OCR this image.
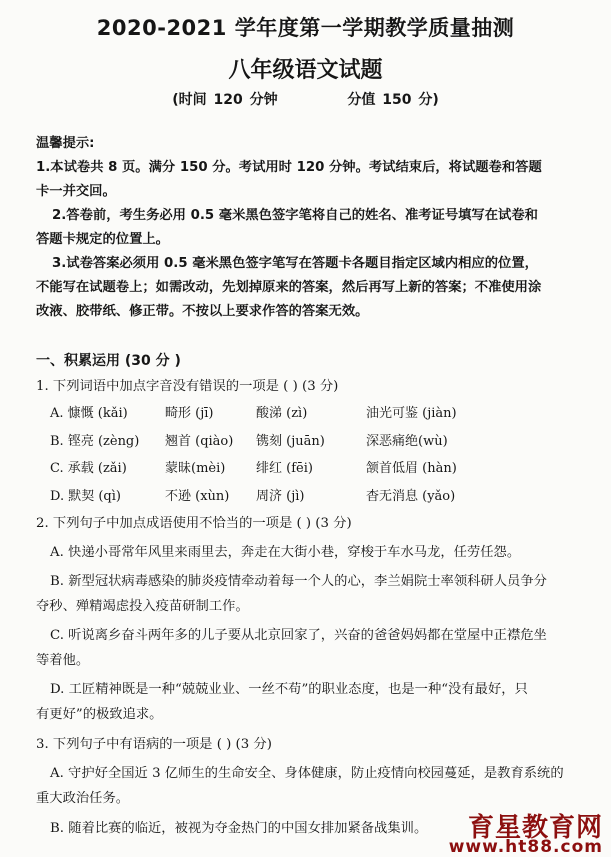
2020-2021 学年度第一学期教学质量抽测
八年级语文试题
(时间 120 分钟	分值 150 分)
温馨提示:
1.本试卷共 8 页。满分 150 分。考试用时 120 分钟。考试结束后，将试题卷和答题
卡一并交回。
2.答卷前，考生务必用 0.5 毫米黑色签字笔将自己的姓名、准考证号填写在试卷和
答题卡规定的位置上。
3.试卷答案必须用 0.5 毫米黑色签字笔写在答题卡各题目指定区域内相应的位置，
不能写在试题卷上；如需改动，先划掉原来的答案，然后再写上新的答案；不准使用涂
改液、胶带纸、修正带。不按以上要求作答的答案无效。
一、积累运用 (30 分 )
1. 下列词语中加点字音没有错误的一项是 ( ) (3 分)
A. 慷慨 (kǎi)	畸形 (jī)	酸涕 (zì)	油光可鉴 (jiàn)
B. 铿亮 (zèng) 翘首 (qiào) 镌刻 (juān)	深恶痛绝(wù)
C. 承载 (zǎi)	蒙昧(mèi) 绯红 (fēi)	颔首低眉 (hàn)
D. 默契 (qì)	不逊 (xùn) 周济 (jì)	杳无消息 (yǎo)
2. 下列句子中加点成语使用不恰当的一项是 ( ) (3 分)
A. 快递小哥常年风里来雨里去，奔走在大街小巷，穿梭于车水马龙，任劳任怨。
B. 新型冠状病毒感染的肺炎疫情牵动着每一个人的心，李兰娟院士率领科研人员争分
夺秒、殚精竭虑投入疫苗研制工作。
C. 听说离乡奋斗两年多的儿子要从北京回家了，兴奋的爸爸妈妈都在堂屋中正襟危坐
等着他。
D. 工匠精神既是一种“兢兢业业、一丝不苟”的职业态度，也是一种“没有最好，只
有更好”的极致追求。
3. 下列句子中有语病的一项是 ( ) (3 分)
A. 守护好全国近 3 亿师生的生命安全、身体健康，防止疫情向校园蔓延，是教育系统的
重大政治任务。
B. 随着比赛的临近，被视为夺金热门的中国女排加紧备战集训。	育星教育网
www.ht88.com
